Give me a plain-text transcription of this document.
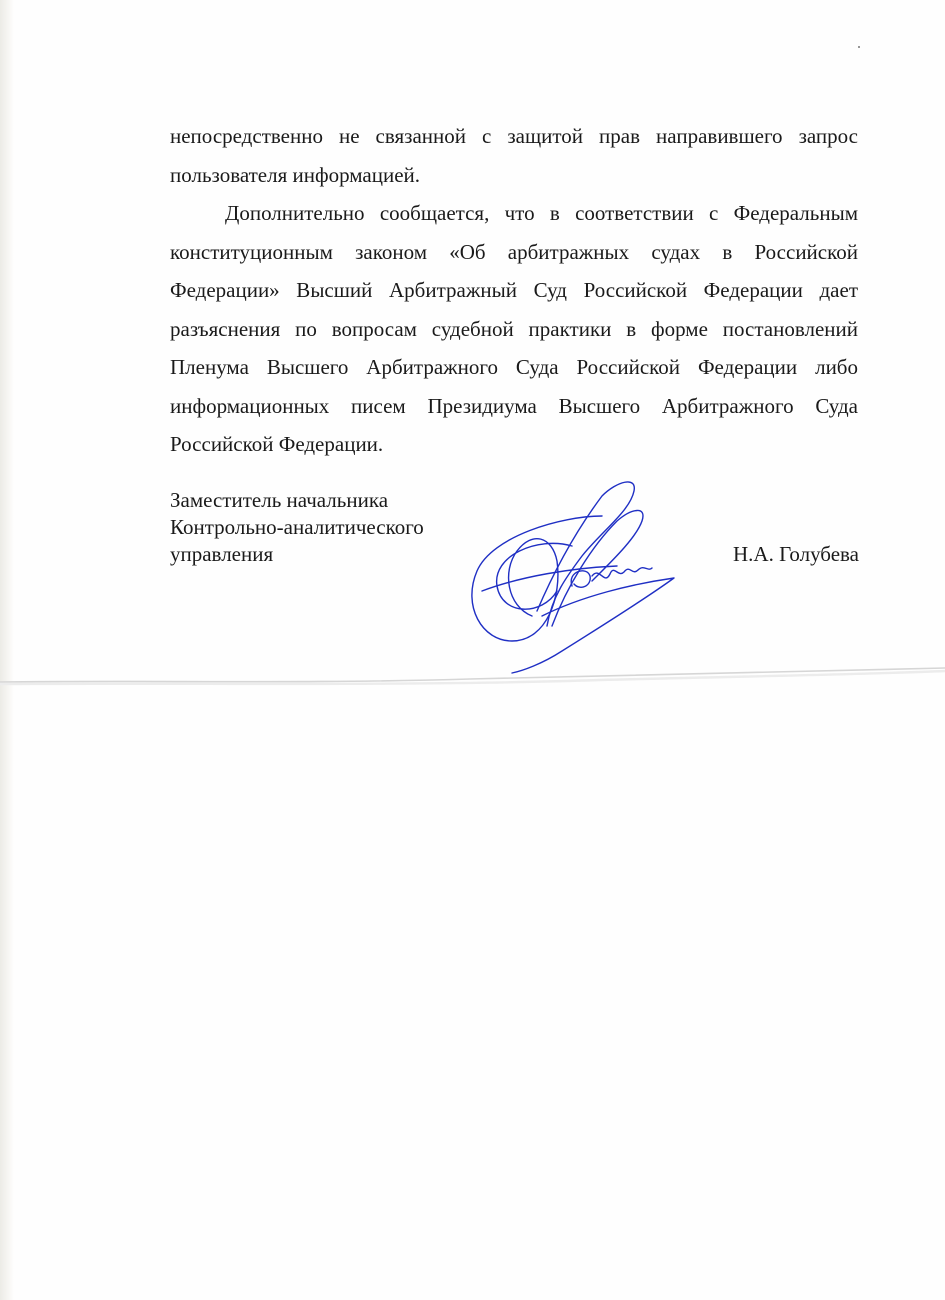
непосредственно не связанной с защитой прав направившего запрос пользователя информацией.

Дополнительно сообщается, что в соответствии с Федеральным конституционным законом «Об арбитражных судах в Российской Федерации» Высший Арбитражный Суд Российской Федерации дает разъяснения по вопросам судебной практики в форме постановлений Пленума Высшего Арбитражного Суда Российской Федерации либо информационных писем Президиума Высшего Арбитражного Суда Российской Федерации.

Заместитель начальника
Контрольно-аналитического
управления	Н.А. Голубева
